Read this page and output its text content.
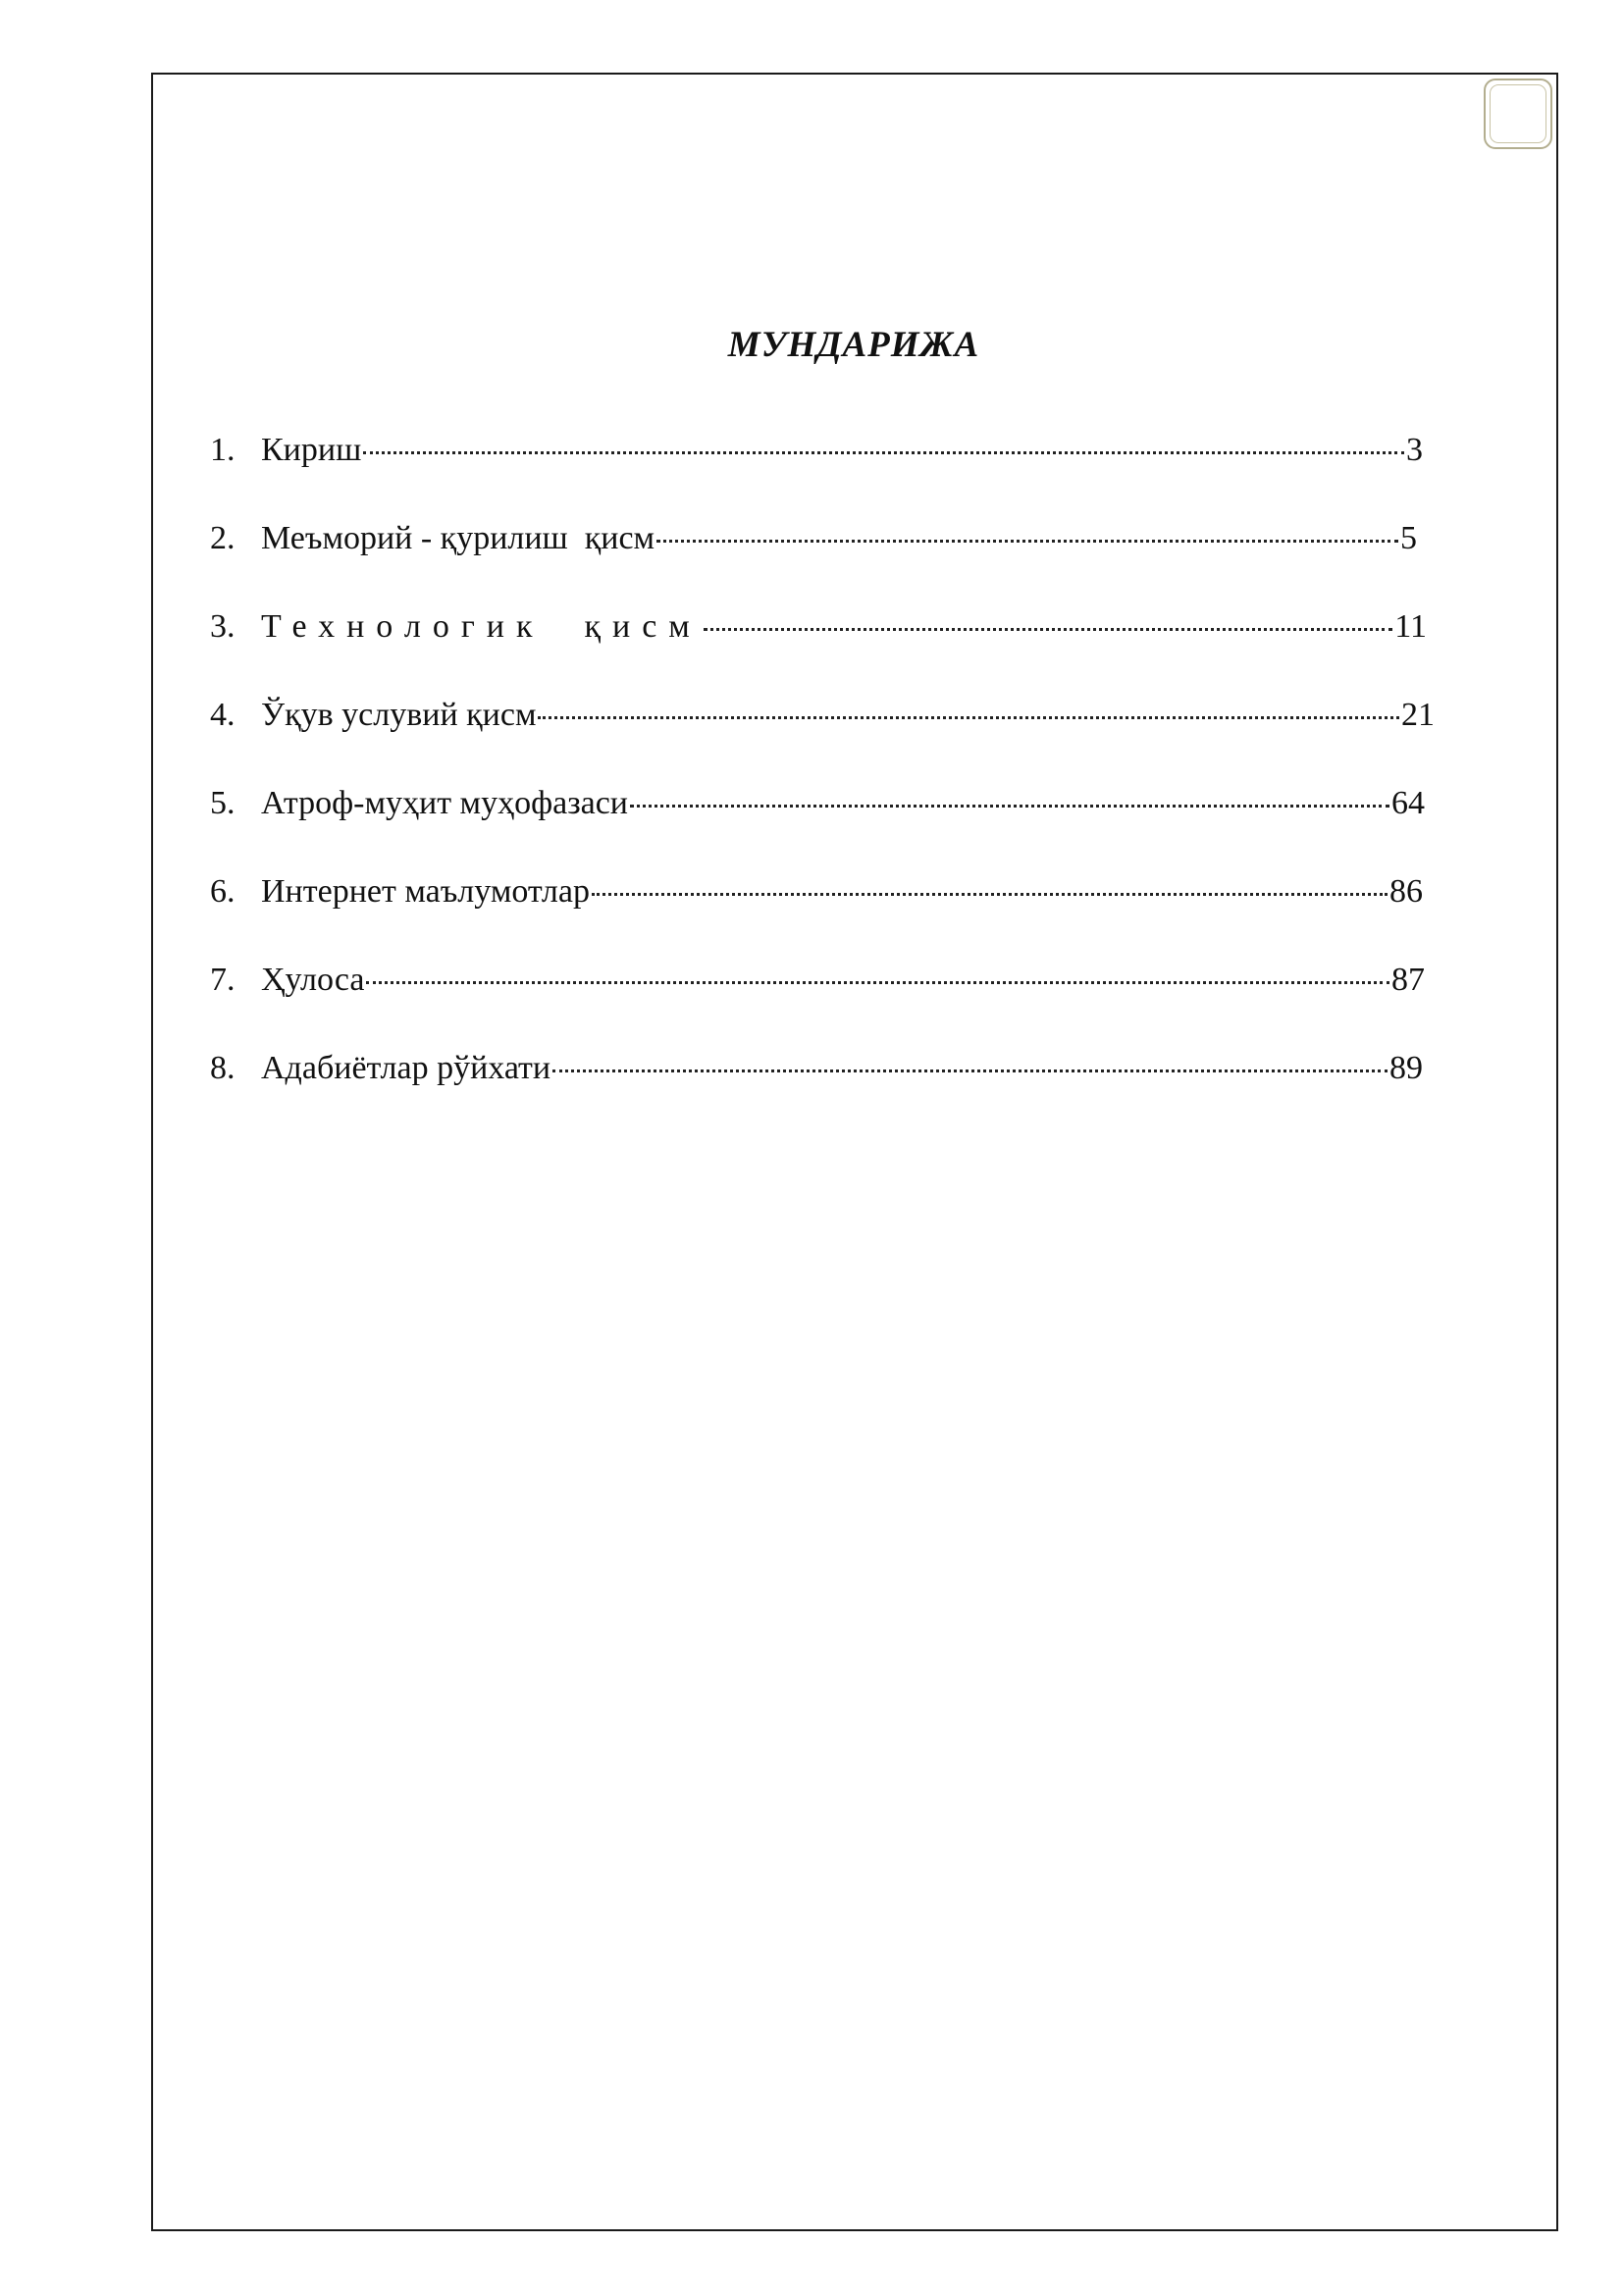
МУНДАРИЖА
1. Кириш	3
2. Меъморий - қурилиш  қисм	5
3. Технологик  қисм	11
4. Ўқув услувий қисм	21
5. Атроф-муҳит муҳофазаси	64
6. Интернет маълумотлар	86
7. Ҳулоса	87
8. Адабиётлар рўйхати	89
